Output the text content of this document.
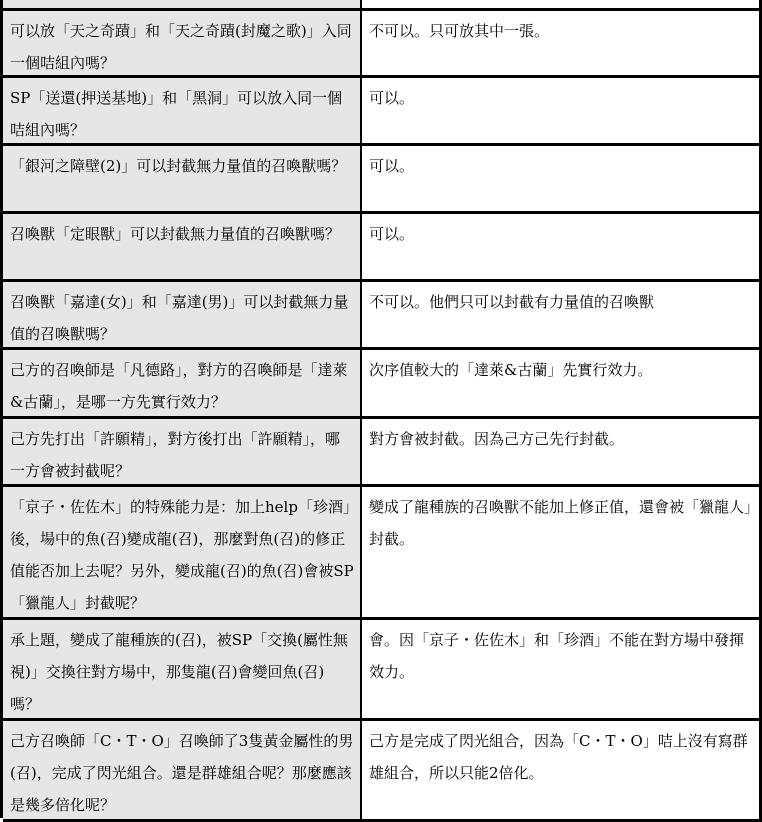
可以放「天之奇蹟」和「天之奇蹟(封魔之歌)」入同一個咭組內嗎？
不可以。只可放其中一張。
SP「送還(押送基地)」和「黑洞」可以放入同一個咭組內嗎？
可以。
「銀河之障壁(2)」可以封截無力量值的召喚獸嗎？	可以。
召喚獸「定眼獸」可以封截無力量值的召喚獸嗎？	可以。
召喚獸「嘉達(女)」和「嘉達(男)」可以封截無力量值的召喚獸嗎？
不可以。他們只可以封截有力量值的召喚獸
己方的召喚師是「凡德路」，對方的召喚師是「達萊&古蘭」，是哪一方先實行效力？
次序值較大的「達萊&古蘭」先實行效力。
己方先打出「許願精」，對方後打出「許願精」，哪一方會被封截呢？
對方會被封截。因為己方己先行封截。
「京子・佐佐木」的特殊能力是：加上help「珍酒」後，場中的魚(召)變成龍(召)，那麼對魚(召)的修正值能否加上去呢？另外，變成龍(召)的魚(召)會被SP「獵龍人」封截呢？
變成了龍種族的召喚獸不能加上修正值，還會被「獵龍人」封截。
承上題，變成了龍種族的(召)，被SP「交換(屬性無視)」交換往對方場中，那隻龍(召)會變回魚(召)嗎？
會。因「京子・佐佐木」和「珍酒」不能在對方場中發揮效力。
己方召喚師「C・T・O」召喚師了3隻黃金屬性的男(召)，完成了閃光組合。還是群雄組合呢？那麼應該是幾多倍化呢？
己方是完成了閃光組合，因為「C・T・O」咭上沒有寫群雄組合，所以只能2倍化。
